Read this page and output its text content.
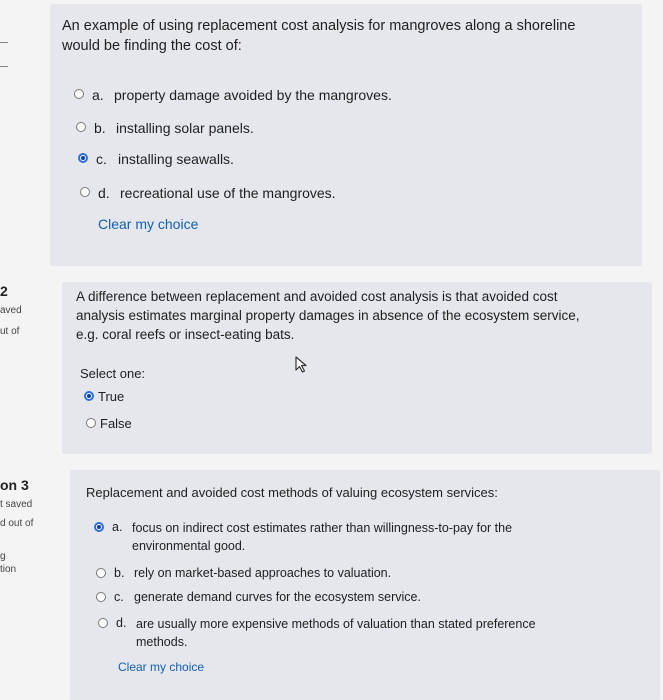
2
aved
ut of
on 3
t saved
d out of
g
tion
An example of using replacement cost analysis for mangroves along a shoreline would be finding the cost of:
a. property damage avoided by the mangroves.
b. installing solar panels.
c. installing seawalls.
d. recreational use of the mangroves.
Clear my choice
A difference between replacement and avoided cost analysis is that avoided cost analysis estimates marginal property damages in absence of the ecosystem service, e.g. coral reefs or insect-eating bats.
Select one:
True
False
Replacement and avoided cost methods of valuing ecosystem services:
a. focus on indirect cost estimates rather than willingness-to-pay for the environmental good.
b. rely on market-based approaches to valuation.
c. generate demand curves for the ecosystem service.
d. are usually more expensive methods of valuation than stated preference methods.
Clear my choice
